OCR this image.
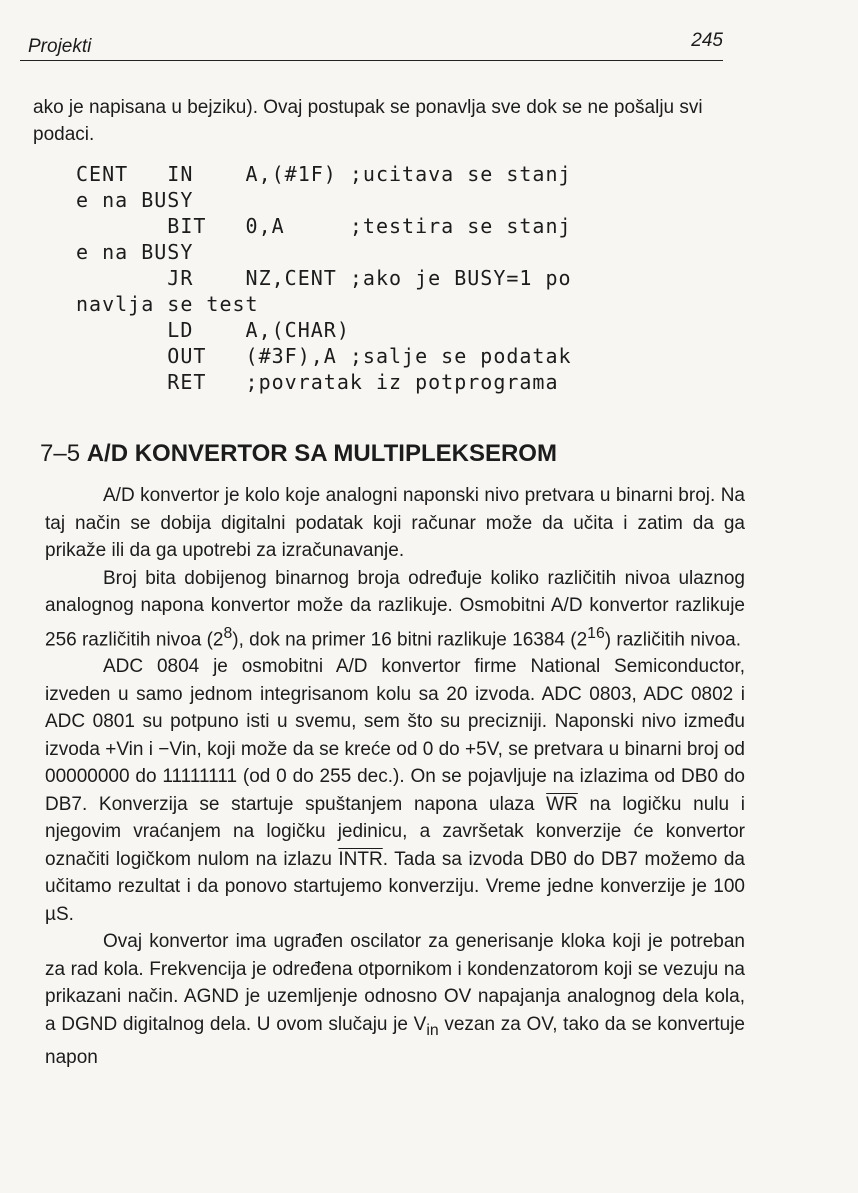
Projekti	245
ako je napisana u bejziku). Ovaj postupak se ponavlja sve dok se ne pošalju svi podaci.
CENT   IN    A,(#1F) ;ucitava se stanj
e na BUSY
BIT   0,A     ;testira se stanj
e na BUSY
JR    NZ,CENT ;ako je BUSY=1 po
navlja se test
LD    A,(CHAR)
OUT   (#3F),A ;salje se podatak
RET   ;povratak iz potprograma
7–5 A/D KONVERTOR SA MULTIPLEKSEROM

A/D konvertor je kolo koje analogni naponski nivo pretvara u binarni broj. Na taj način se dobija digitalni podatak koji računar može da učita i zatim da ga prikaže ili da ga upotrebi za izračunavanje.

Broj bita dobijenog binarnog broja određuje koliko različitih nivoa ulaznog analognog napona konvertor može da razlikuje. Osmobitni A/D konvertor razlikuje 256 različitih nivoa $(2^8)$, dok na primer 16 bitni razlikuje 16384 $(2^{16})$ različitih nivoa.

ADC 0804 je osmobitni A/D konvertor firme National Semiconductor, izveden u samo jednom integrisanom kolu sa 20 izvoda. ADC 0803, ADC 0802 i ADC 0801 su potpuno isti u svemu, sem što su precizniji. Naponski nivo između izvoda +Vin i −Vin, koji može da se kreće od 0 do +5V, se pretvara u binarni broj od 00000000 do 11111111 (od 0 do 255 dec.). On se pojavljuje na izlazima od DB0 do DB7. Konverzija se startuje spuštanjem napona ulaza $\overline{WR}$ na logičku nulu i njegovim vraćanjem na logičku jedinicu, a završetak konverzije će konvertor označiti logičkom nulom na izlazu INTR. Tada sa izvoda DB0 do DB7 možemo da učitamo rezultat i da ponovo startujemo konverziju. Vreme jedne konverzije je 100 µS.

Ovaj konvertor ima ugrađen oscilator za generisanje kloka koji je potreban za rad kola. Frekvencija je određena otpornikom i kondenzatorom koji se vezuju na prikazani način. AGND je uzemljenje odnosno OV napajanja analognog dela kola, a DGND digitalnog dela. U ovom slučaju je $V_{in}$ vezan za OV, tako da se konvertuje napon
